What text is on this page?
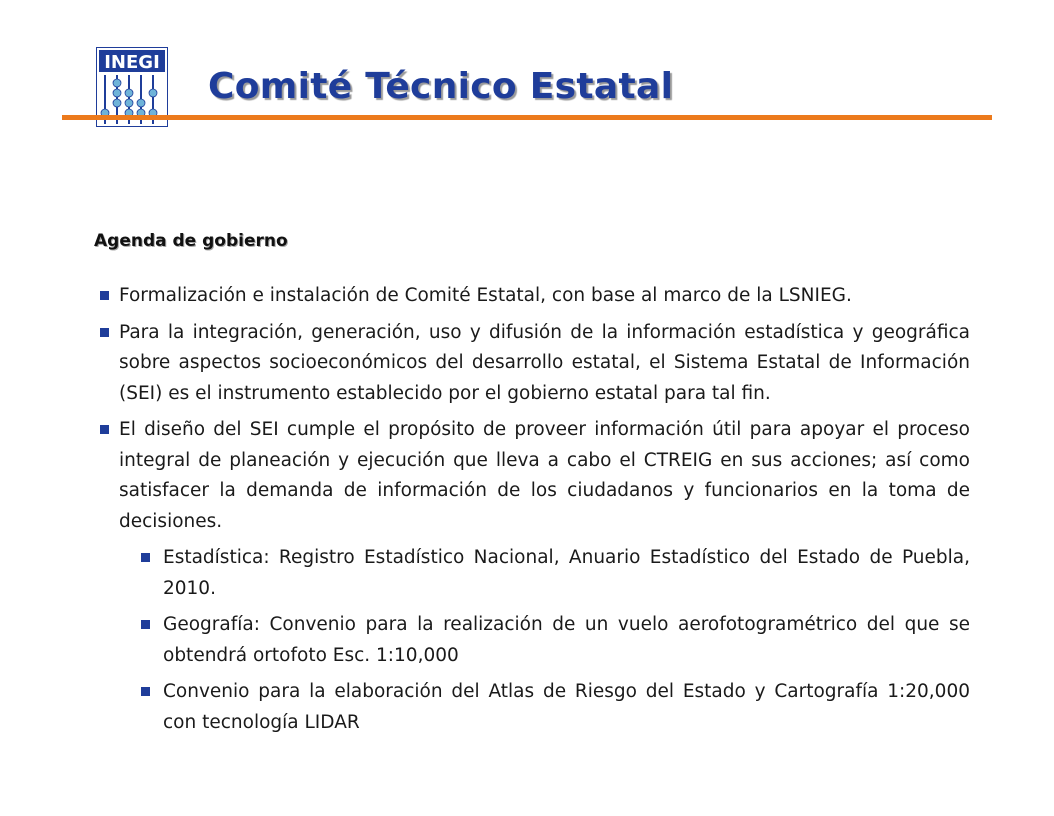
INEGI
Comité Técnico Estatal
Agenda de gobierno
Formalización e instalación de Comité Estatal, con base al marco de la LSNIEG.
Para la integración, generación, uso y difusión de la información estadística y geográfica sobre aspectos socioeconómicos del desarrollo estatal, el Sistema Estatal de Información (SEI) es el instrumento establecido por el gobierno estatal para tal fin.
El diseño del SEI cumple el propósito de proveer información útil para apoyar el proceso integral de planeación y ejecución que lleva a cabo el CTREIG en sus acciones; así como satisfacer la demanda de información de los ciudadanos y funcionarios en la toma de decisiones.
Estadística: Registro Estadístico Nacional, Anuario Estadístico del Estado de Puebla, 2010.
Geografía: Convenio para la realización de un vuelo aerofotogramétrico del que se obtendrá ortofoto Esc. 1:10,000
Convenio para la elaboración del Atlas de Riesgo del Estado y Cartografía 1:20,000 con tecnología LIDAR
